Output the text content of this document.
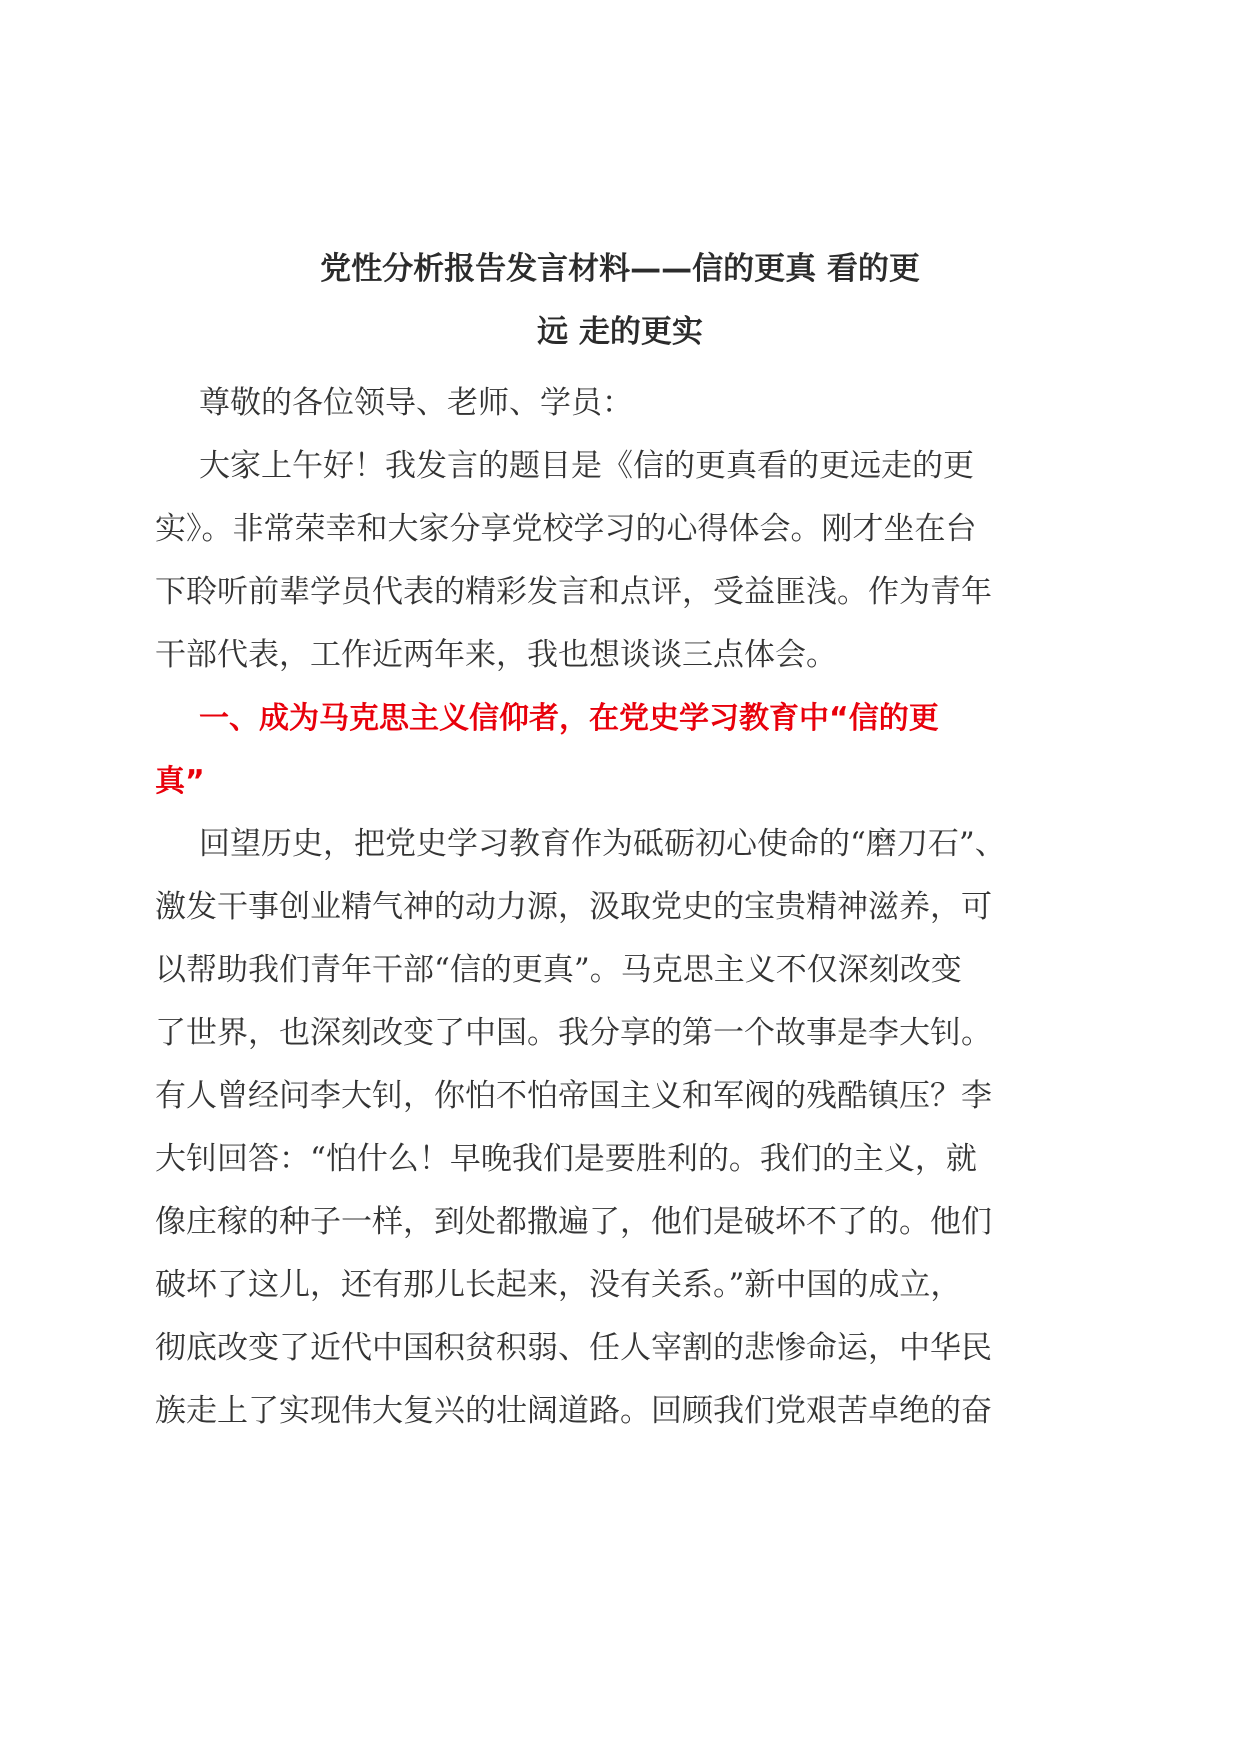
党性分析报告发言材料——信的更真 看的更
远 走的更实
尊敬的各位领导、老师、学员：
大家上午好！我发言的题目是《信的更真看的更远走的更
实》。非常荣幸和大家分享党校学习的心得体会。刚才坐在台
下聆听前辈学员代表的精彩发言和点评，受益匪浅。作为青年
干部代表，工作近两年来，我也想谈谈三点体会。
一、成为马克思主义信仰者，在党史学习教育中“信的更
真”
回望历史，把党史学习教育作为砥砺初心使命的“磨刀石”、
激发干事创业精气神的动力源，汲取党史的宝贵精神滋养，可
以帮助我们青年干部“信的更真”。马克思主义不仅深刻改变
了世界，也深刻改变了中国。我分享的第一个故事是李大钊。
有人曾经问李大钊，你怕不怕帝国主义和军阀的残酷镇压？李
大钊回答：“怕什么！早晚我们是要胜利的。我们的主义，就
像庄稼的种子一样，到处都撒遍了，他们是破坏不了的。他们
破坏了这儿，还有那儿长起来，没有关系。”新中国的成立，
彻底改变了近代中国积贫积弱、任人宰割的悲惨命运，中华民
族走上了实现伟大复兴的壮阔道路。回顾我们党艰苦卓绝的奋
